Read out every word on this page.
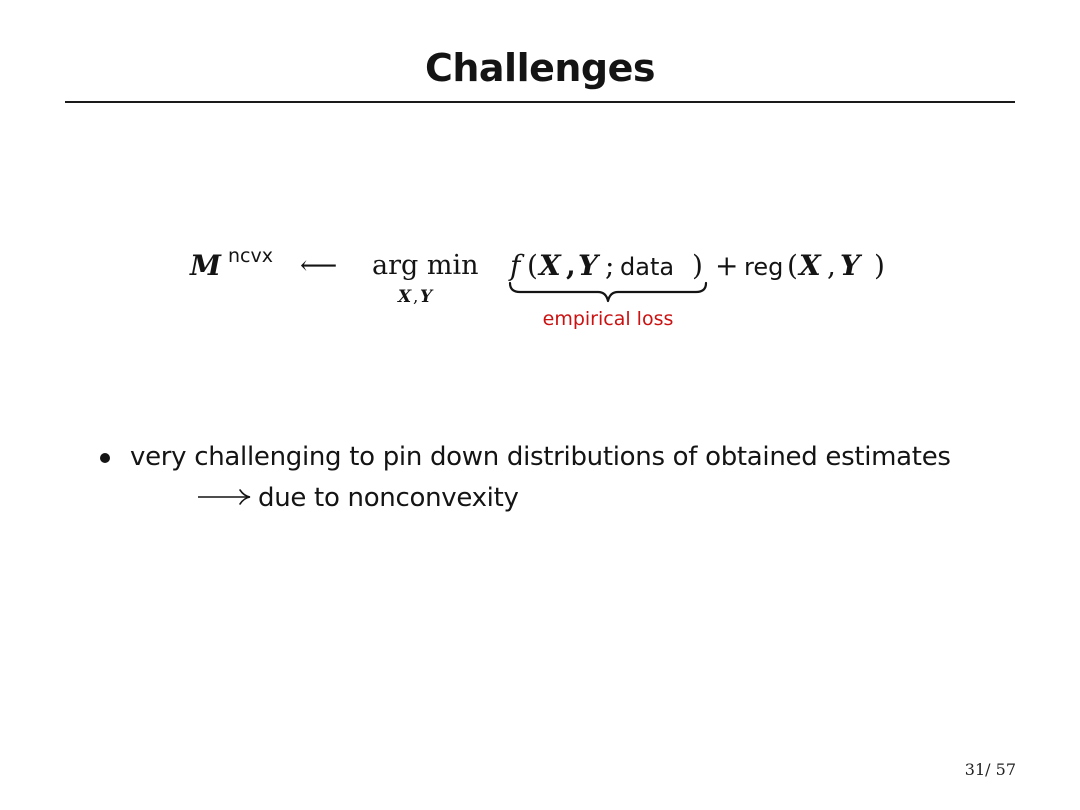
Challenges
M ncvx ⟵ arg min
X , Y
f ( X , Y ; data ) + reg ( X , Y )
empirical loss
very challenging to pin down distributions of obtained estimates
due to nonconvexity
31/ 57
